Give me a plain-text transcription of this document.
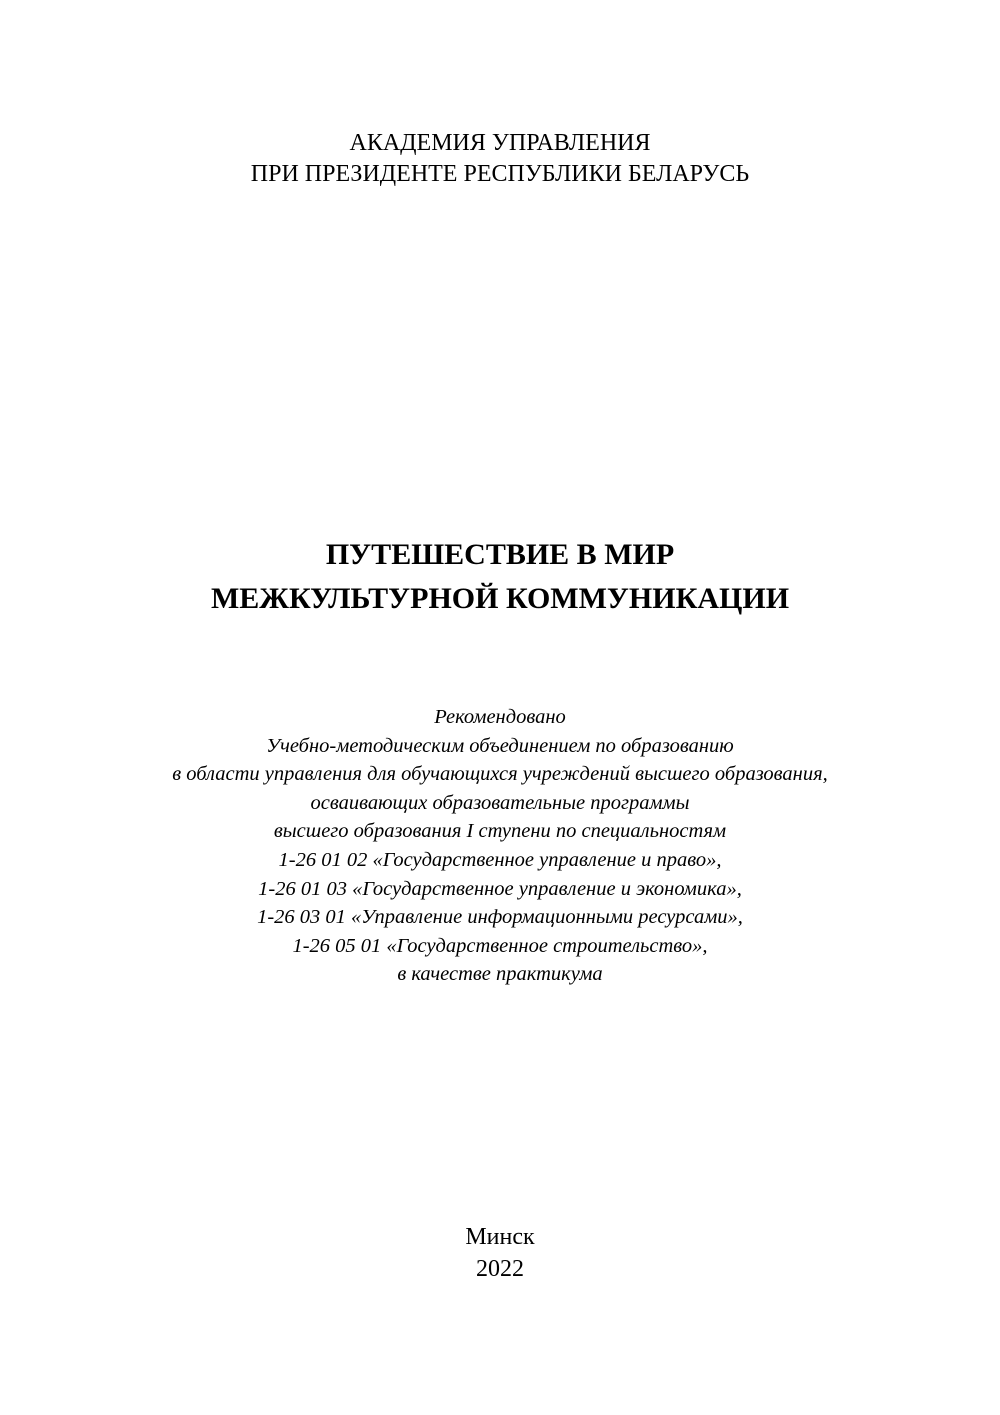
АКАДЕМИЯ УПРАВЛЕНИЯ
ПРИ ПРЕЗИДЕНТЕ РЕСПУБЛИКИ БЕЛАРУСЬ
ПУТЕШЕСТВИЕ В МИР
МЕЖКУЛЬТУРНОЙ КОММУНИКАЦИИ
Рекомендовано
Учебно-методическим объединением по образованию
в области управления для обучающихся учреждений высшего образования,
осваивающих образовательные программы
высшего образования I ступени по специальностям
1-26 01 02 «Государственное управление и право»,
1-26 01 03 «Государственное управление и экономика»,
1-26 03 01 «Управление информационными ресурсами»,
1-26 05 01 «Государственное строительство»,
в качестве практикума
Минск
2022
